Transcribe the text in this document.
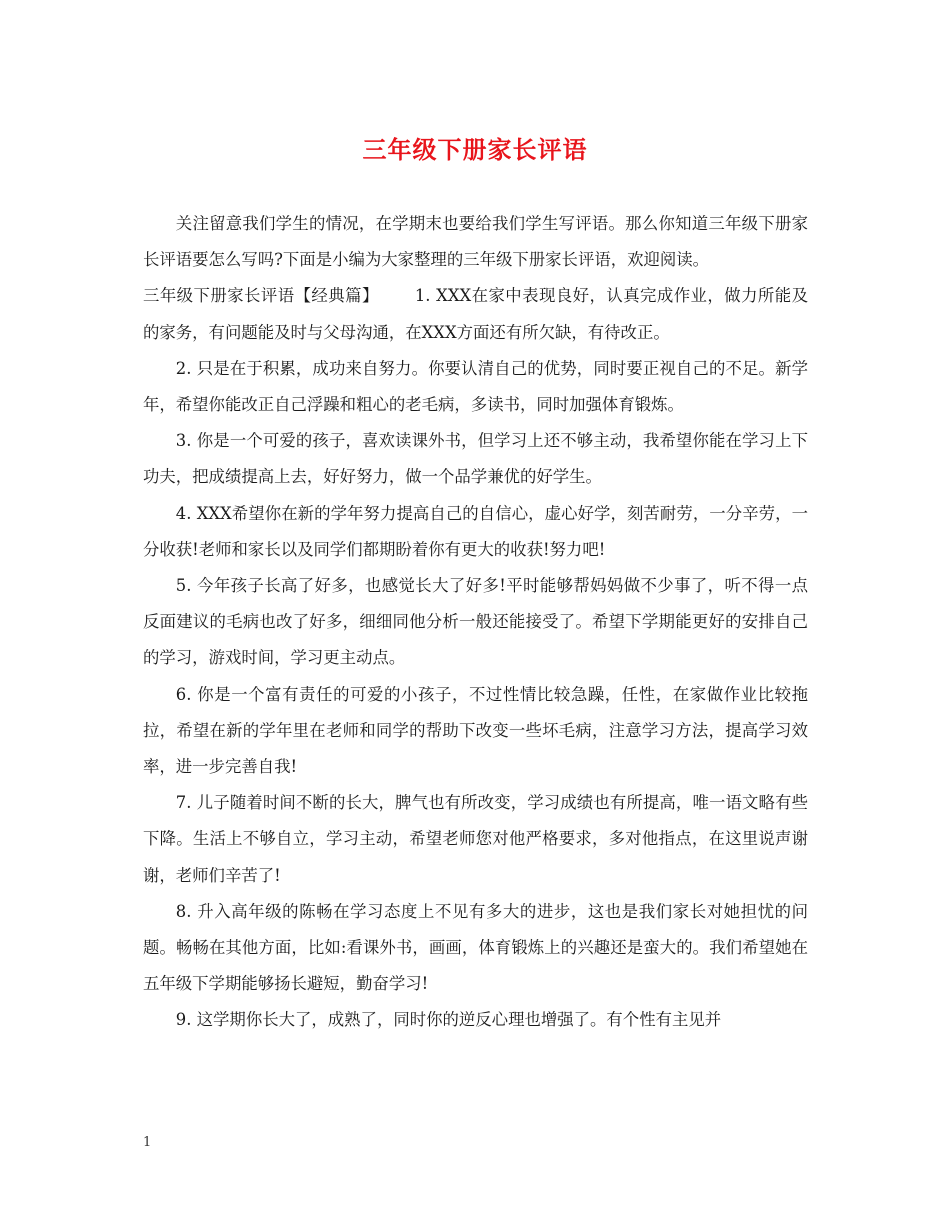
三年级下册家长评语

关注留意我们学生的情况，在学期末也要给我们学生写评语。那么你知道三年级下册家长评语要怎么写吗?下面是小编为大家整理的三年级下册家长评语，欢迎阅读。

三年级下册家长评语【经典篇】 1. XXX在家中表现良好，认真完成作业，做力所能及的家务，有问题能及时与父母沟通，在XXX方面还有所欠缺，有待改正。

2. 只是在于积累，成功来自努力。你要认清自己的优势，同时要正视自己的不足。新学年，希望你能改正自己浮躁和粗心的老毛病，多读书，同时加强体育锻炼。

3. 你是一个可爱的孩子，喜欢读课外书，但学习上还不够主动，我希望你能在学习上下功夫，把成绩提高上去，好好努力，做一个品学兼优的好学生。

4. XXX希望你在新的学年努力提高自己的自信心，虚心好学，刻苦耐劳，一分辛劳，一分收获!老师和家长以及同学们都期盼着你有更大的收获!努力吧!

5. 今年孩子长高了好多，也感觉长大了好多!平时能够帮妈妈做不少事了，听不得一点反面建议的毛病也改了好多，细细同他分析一般还能接受了。希望下学期能更好的安排自己的学习，游戏时间，学习更主动点。

6. 你是一个富有责任的可爱的小孩子，不过性情比较急躁，任性，在家做作业比较拖拉，希望在新的学年里在老师和同学的帮助下改变一些坏毛病，注意学习方法，提高学习效率，进一步完善自我!

7. 儿子随着时间不断的长大，脾气也有所改变，学习成绩也有所提高，唯一语文略有些下降。生活上不够自立，学习主动，希望老师您对他严格要求，多对他指点，在这里说声谢谢，老师们辛苦了!

8. 升入高年级的陈畅在学习态度上不见有多大的进步，这也是我们家长对她担忧的问题。畅畅在其他方面，比如:看课外书，画画，体育锻炼上的兴趣还是蛮大的。我们希望她在五年级下学期能够扬长避短，勤奋学习!

9. 这学期你长大了，成熟了，同时你的逆反心理也增强了。有个性有主见并

1
